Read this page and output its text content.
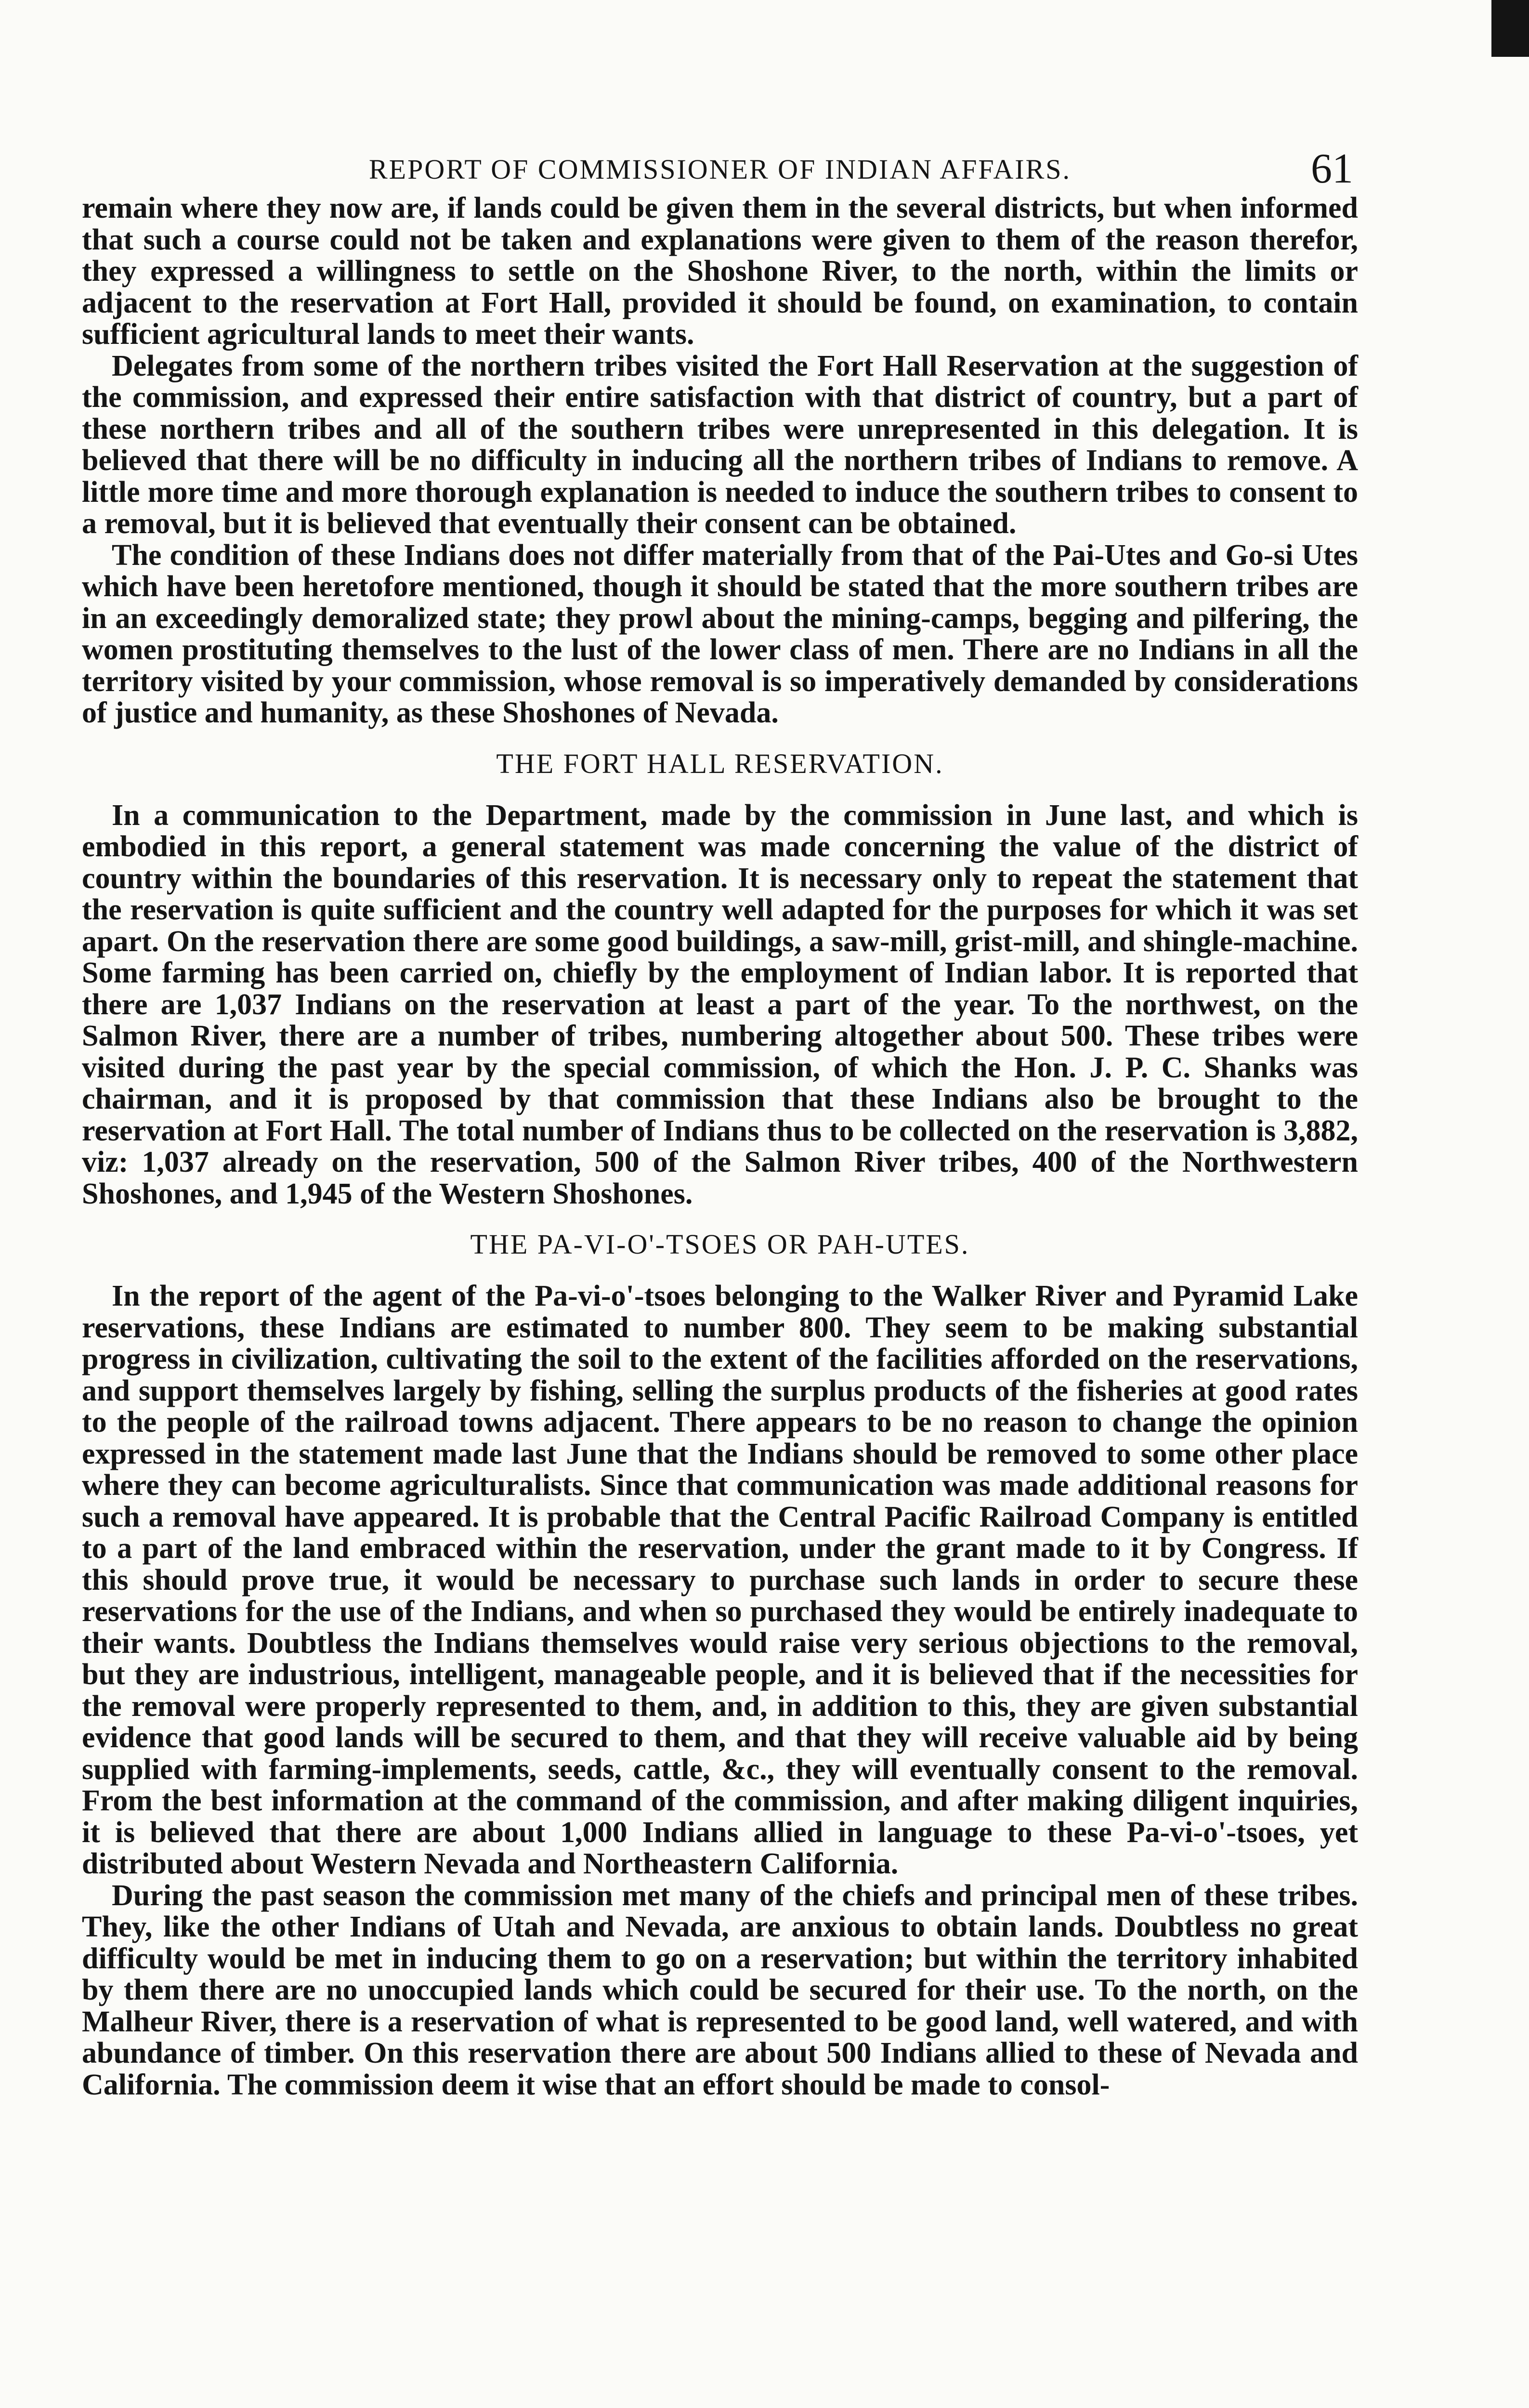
REPORT OF COMMISSIONER OF INDIAN AFFAIRS.	61

remain where they now are, if lands could be given them in the several districts, but when informed that such a course could not be taken and explanations were given to them of the reason therefor, they expressed a willingness to settle on the Shoshone River, to the north, within the limits or adjacent to the reservation at Fort Hall, provided it should be found, on examination, to contain sufficient agricultural lands to meet their wants.

Delegates from some of the northern tribes visited the Fort Hall Reservation at the suggestion of the commission, and expressed their entire satisfaction with that district of country, but a part of these northern tribes and all of the southern tribes were unrepresented in this delegation. It is believed that there will be no difficulty in inducing all the northern tribes of Indians to remove. A little more time and more thorough explanation is needed to induce the southern tribes to consent to a removal, but it is believed that eventually their consent can be obtained.

The condition of these Indians does not differ materially from that of the Pai-Utes and Go-si Utes which have been heretofore mentioned, though it should be stated that the more southern tribes are in an exceedingly demoralized state; they prowl about the mining-camps, begging and pilfering, the women prostituting themselves to the lust of the lower class of men. There are no Indians in all the territory visited by your commission, whose removal is so imperatively demanded by considerations of justice and humanity, as these Shoshones of Nevada.

THE FORT HALL RESERVATION.

In a communication to the Department, made by the commission in June last, and which is embodied in this report, a general statement was made concerning the value of the district of country within the boundaries of this reservation. It is necessary only to repeat the statement that the reservation is quite sufficient and the country well adapted for the purposes for which it was set apart. On the reservation there are some good buildings, a saw-mill, grist-mill, and shingle-machine. Some farming has been carried on, chiefly by the employment of Indian labor. It is reported that there are 1,037 Indians on the reservation at least a part of the year. To the northwest, on the Salmon River, there are a number of tribes, numbering altogether about 500. These tribes were visited during the past year by the special commission, of which the Hon. J. P. C. Shanks was chairman, and it is proposed by that commission that these Indians also be brought to the reservation at Fort Hall. The total number of Indians thus to be collected on the reservation is 3,882, viz: 1,037 already on the reservation, 500 of the Salmon River tribes, 400 of the Northwestern Shoshones, and 1,945 of the Western Shoshones.

THE PA-VI-O'-TSOES OR PAH-UTES.

In the report of the agent of the Pa-vi-o'-tsoes belonging to the Walker River and Pyramid Lake reservations, these Indians are estimated to number 800. They seem to be making substantial progress in civilization, cultivating the soil to the extent of the facilities afforded on the reservations, and support themselves largely by fishing, selling the surplus products of the fisheries at good rates to the people of the railroad towns adjacent. There appears to be no reason to change the opinion expressed in the statement made last June that the Indians should be removed to some other place where they can become agriculturalists. Since that communication was made additional reasons for such a removal have appeared. It is probable that the Central Pacific Railroad Company is entitled to a part of the land embraced within the reservation, under the grant made to it by Congress. If this should prove true, it would be necessary to purchase such lands in order to secure these reservations for the use of the Indians, and when so purchased they would be entirely inadequate to their wants. Doubtless the Indians themselves would raise very serious objections to the removal, but they are industrious, intelligent, manageable people, and it is believed that if the necessities for the removal were properly represented to them, and, in addition to this, they are given substantial evidence that good lands will be secured to them, and that they will receive valuable aid by being supplied with farming-implements, seeds, cattle, &c., they will eventually consent to the removal. From the best information at the command of the commission, and after making diligent inquiries, it is believed that there are about 1,000 Indians allied in language to these Pa-vi-o'-tsoes, yet distributed about Western Nevada and Northeastern California.

During the past season the commission met many of the chiefs and principal men of these tribes. They, like the other Indians of Utah and Nevada, are anxious to obtain lands. Doubtless no great difficulty would be met in inducing them to go on a reservation; but within the territory inhabited by them there are no unoccupied lands which could be secured for their use. To the north, on the Malheur River, there is a reservation of what is represented to be good land, well watered, and with abundance of timber. On this reservation there are about 500 Indians allied to these of Nevada and California. The commission deem it wise that an effort should be made to consol-
